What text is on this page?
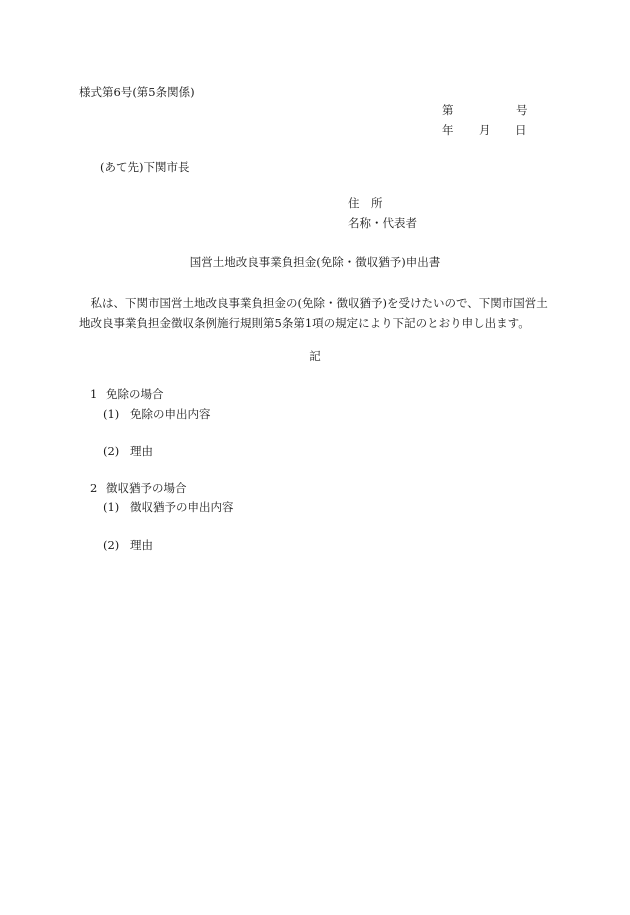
様式第6号(第5条関係)
第	号
年 月 日
(あて先)下関市長
住　所
名称・代表者
国営土地改良事業負担金(免除・徴収猶予)申出書
私は、下関市国営土地改良事業負担金の(免除・徴収猶予)を受けたいので、下関市国営土地改良事業負担金徴収条例施行規則第5条第1項の規定により下記のとおり申し出ます。
記
1 免除の場合
(1) 免除の申出内容
(2) 理由
2 徴収猶予の場合
(1) 徴収猶予の申出内容
(2) 理由
